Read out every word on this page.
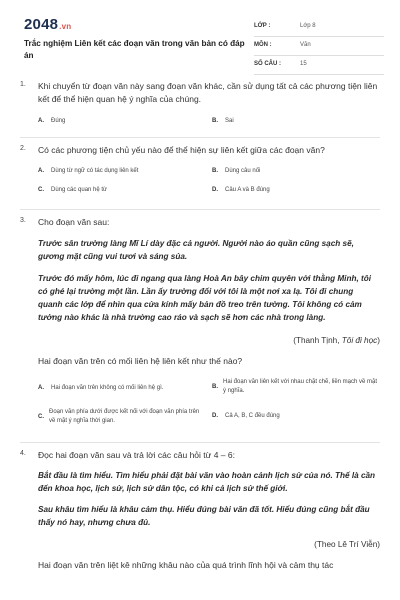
2048.vn
Trắc nghiệm Liên kết các đoạn văn trong văn bản có đáp án
LỚP :	Lớp 8
MÔN :	Văn
SỐ CÂU :	15
1. Khi chuyển từ đoạn văn này sang đoạn văn khác, cần sử dụng tất cả các phương tiện liên kết để thể hiện quan hệ ý nghĩa của chúng.
A. Đúng	B. Sai
2. Có các phương tiện chủ yếu nào để thể hiện sự liên kết giữa các đoạn văn?
A. Dùng từ ngữ có tác dụng liên kết	B. Dùng câu nối
C. Dùng các quan hệ từ	D. Câu A và B đúng
3. Cho đoạn văn sau:
Trước sân trường làng Mĩ Lí dày đặc cả người. Người nào áo quần cũng sạch sẽ, gương mặt cũng vui tươi và sáng sủa.
Trước đó mấy hôm, lúc đi ngang qua làng Hoà An bây chim quyên với thằng Minh, tôi có ghé lại trường một lần. Lần ấy trường đối với tôi là một nơi xa lạ. Tôi đi chung quanh các lớp để nhìn qua cửa kính mấy bản đồ treo trên tường. Tôi không có cảm tưởng nào khác là nhà trường cao ráo và sạch sẽ hơn các nhà trong làng.
(Thanh Tịnh, Tôi đi học)
Hai đoạn văn trên có mối liên hệ liên kết như thế nào?
A. Hai đoạn văn trên không có mối liên hệ gì.	B.
Hai đoạn văn liên kết với nhau chặt chẽ, liền mạch về mặt ý nghĩa.
C.
Đoạn văn phía dưới được kết nối với đoạn văn phía trên về mặt ý nghĩa thời gian.
D. Cả A, B, C đều đúng
4. Đọc hai đoạn văn sau và trả lời các câu hỏi từ 4 – 6:
Bắt đầu là tìm hiểu. Tìm hiểu phải đặt bài văn vào hoàn cảnh lịch sử của nó. Thế là cần đến khoa học, lịch sử, lịch sử dân tộc, có khi cả lịch sử thế giới.
Sau khâu tìm hiểu là khâu cảm thụ. Hiểu đúng bài văn đã tốt. Hiểu đúng cũng bắt đầu thấy nó hay, nhưng chưa đủ.
(Theo Lê Trí Viễn)
Hai đoạn văn trên liệt kê những khâu nào của quá trình lĩnh hội và cảm thụ tác
